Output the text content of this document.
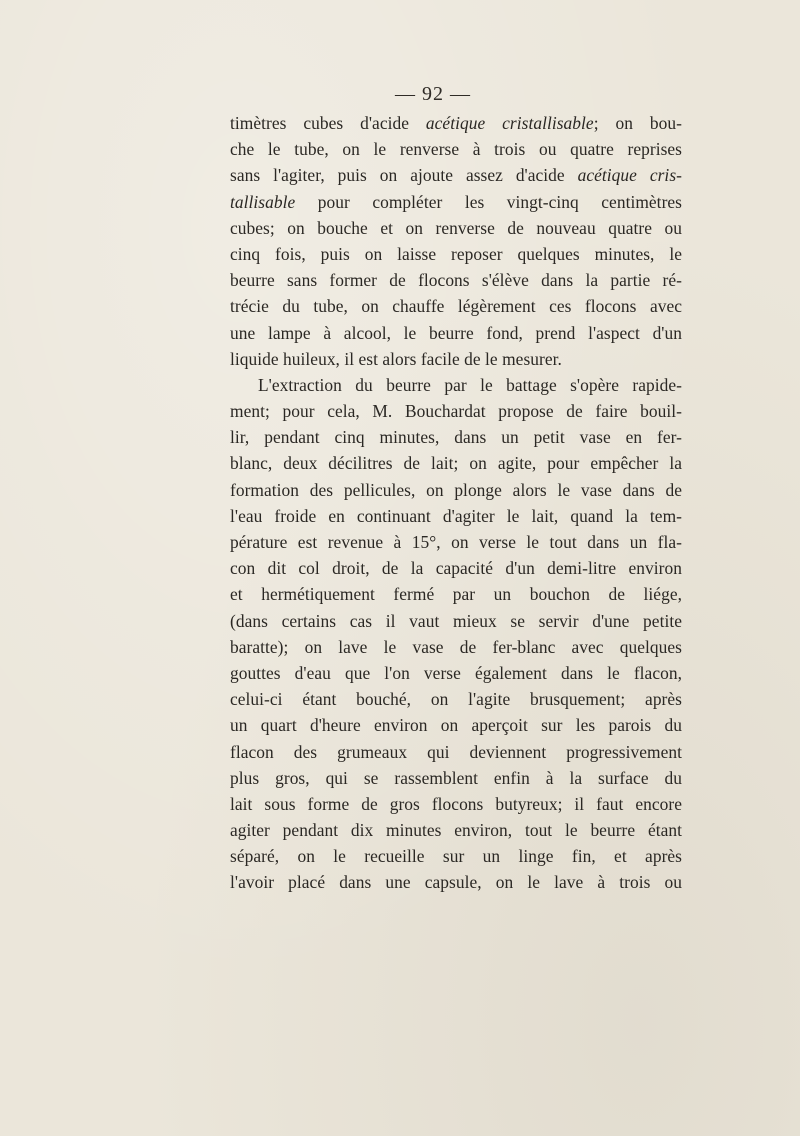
— 92 —
timètres cubes d'acide acétique cristallisable; on bou-
che le tube, on le renverse à trois ou quatre reprises
sans l'agiter, puis on ajoute assez d'acide acétique cris-
tallisable pour compléter les vingt-cinq centimètres
cubes; on bouche et on renverse de nouveau quatre ou
cinq fois, puis on laisse reposer quelques minutes, le
beurre sans former de flocons s'élève dans la partie ré-
trécie du tube, on chauffe légèrement ces flocons avec
une lampe à alcool, le beurre fond, prend l'aspect d'un
liquide huileux, il est alors facile de le mesurer.
L'extraction du beurre par le battage s'opère rapide-
ment; pour cela, M. Bouchardat propose de faire bouil-
lir, pendant cinq minutes, dans un petit vase en fer-
blanc, deux décilitres de lait; on agite, pour empêcher la
formation des pellicules, on plonge alors le vase dans de
l'eau froide en continuant d'agiter le lait, quand la tem-
pérature est revenue à 15°, on verse le tout dans un fla-
con dit col droit, de la capacité d'un demi-litre environ
et hermétiquement fermé par un bouchon de liége,
(dans certains cas il vaut mieux se servir d'une petite
baratte); on lave le vase de fer-blanc avec quelques
gouttes d'eau que l'on verse également dans le flacon,
celui-ci étant bouché, on l'agite brusquement; après
un quart d'heure environ on aperçoit sur les parois du
flacon des grumeaux qui deviennent progressivement
plus gros, qui se rassemblent enfin à la surface du
lait sous forme de gros flocons butyreux; il faut encore
agiter pendant dix minutes environ, tout le beurre étant
séparé, on le recueille sur un linge fin, et après
l'avoir placé dans une capsule, on le lave à trois ou
